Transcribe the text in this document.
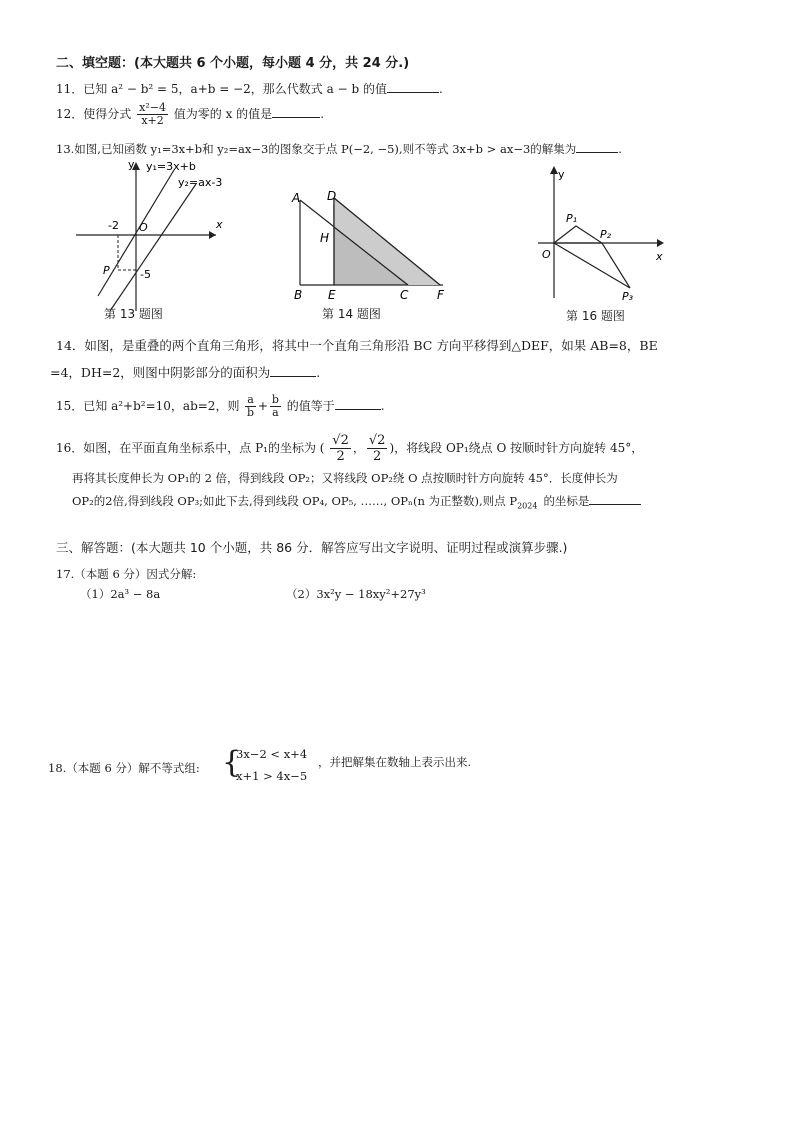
二、填空题：(本大题共 6 个小题，每小题 4 分，共 24 分.)
11．已知 a² − b² = 5，a+b = −2，那么代数式 a − b 的值	.
12．使得分式 $\frac{\text{x²−4}}{x+2}$ 值为零的 x 的值是	.
13.如图,已知函数 y₁=3x+b和 y₂=ax−3的图象交于点 P(−2, −5),则不等式 3x+b > ax−3的解集为	.
y
x
y₁=3x+b
y₂=ax-3
-2 O
P	-5
第 13 题图
A D
H
B E	C F
第 14 题图
y
x
O
P₁
P₂
P₃
第 16 题图
14．如图，是重叠的两个直角三角形，将其中一个直角三角形沿 BC 方向平移得到△DEF，如果 AB=8，BE
=4，DH=2，则图中阴影部分的面积为	.
15．已知 a²+b²=10，ab=2，则 $\frac{a}{b} + \frac{b}{a}$ 的值等于	.
16．如图，在平面直角坐标系中，点 P₁的坐标为 ( $\frac{√2}{2}$ ， $\frac{√2}{2}$ )，将线段 OP₁绕点 O 按顺时针方向旋转 45°，
再将其长度伸长为 OP₁的 2 倍，得到线段 OP₂；又将线段 OP₂绕 O 点按顺时针方向旋转 45°．长度伸长为
OP₂的2倍,得到线段 OP₃;如此下去,得到线段 OP₄, OP₅, ……, OPₙ(n 为正整数),则点 $P_{2024}$ 的坐标是
三、解答题：(本大题共 10 个小题，共 86 分．解答应写出文字说明、证明过程或演算步骤.)
17.（本题 6 分）因式分解:
（1）2a³ − 8a	（2）3x²y − 18xy²+27y³
18.（本题 6 分）解不等式组: {
3x−2 < x+4
x+1 > 4x−5
，并把解集在数轴上表示出来.
